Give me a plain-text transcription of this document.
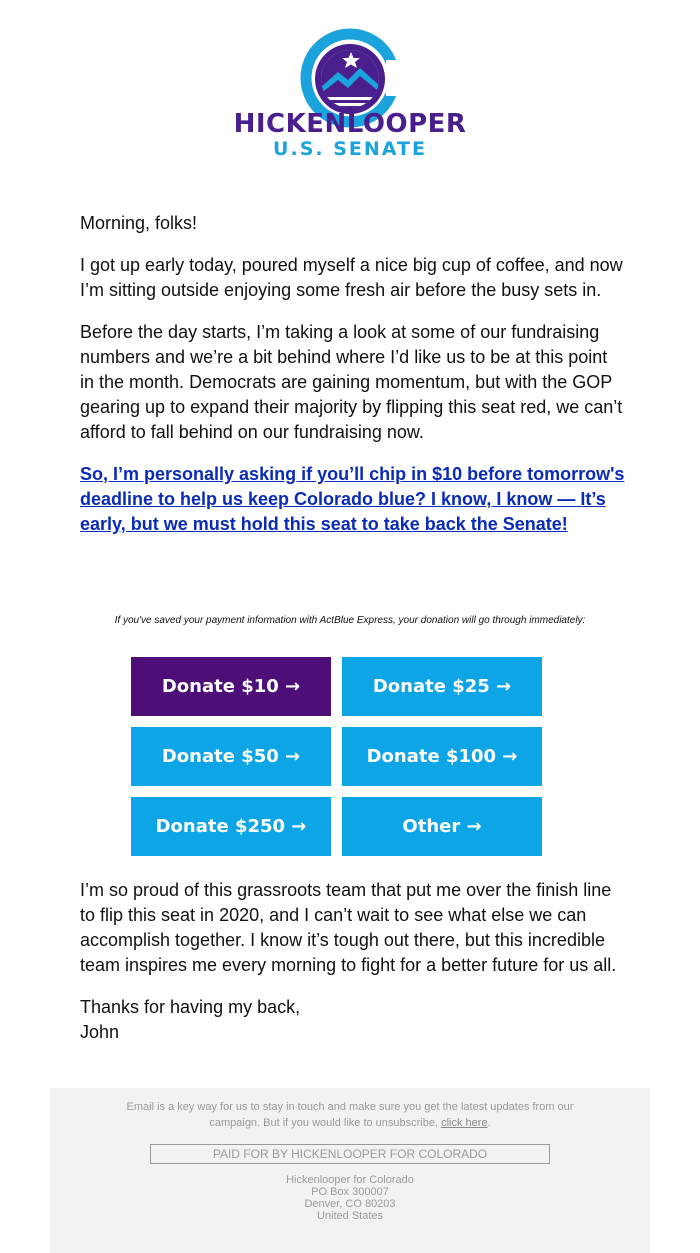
HICKENLOOPER
U.S. SENATE

Morning, folks!

I got up early today, poured myself a nice big cup of coffee, and now I’m sitting outside enjoying some fresh air before the busy sets in.

Before the day starts, I’m taking a look at some of our fundraising numbers and we’re a bit behind where I’d like us to be at this point in the month. Democrats are gaining momentum, but with the GOP gearing up to expand their majority by flipping this seat red, we can’t afford to fall behind on our fundraising now.

So, I’m personally asking if you’ll chip in $10 before tomorrow's deadline to help us keep Colorado blue? I know, I know — It’s early, but we must hold this seat to take back the Senate!

If you've saved your payment information with ActBlue Express, your donation will go through immediately:
Donate $10 →	Donate $25 →
Donate $50 →	Donate $100 →
Donate $250 →	Other →

I’m so proud of this grassroots team that put me over the finish line to flip this seat in 2020, and I can’t wait to see what else we can accomplish together. I know it’s tough out there, but this incredible team inspires me every morning to fight for a better future for us all.

Thanks for having my back,
John

Email is a key way for us to stay in touch and make sure you get the latest updates from our campaign. But if you would like to unsubscribe, click here.
PAID FOR BY HICKENLOOPER FOR COLORADO
Hickenlooper for Colorado
PO Box 300007
Denver, CO 80203
United States
